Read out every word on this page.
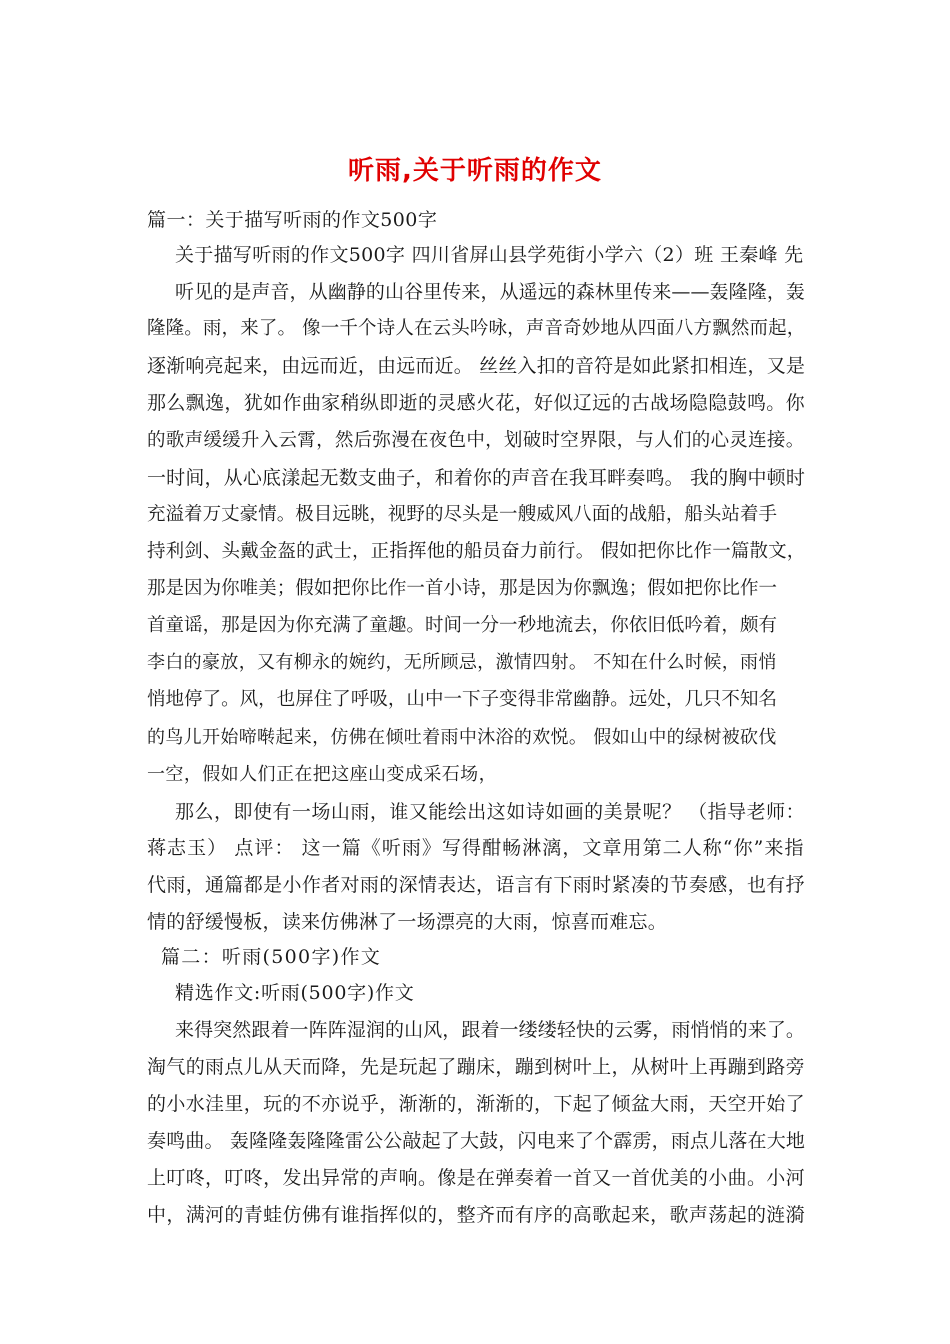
听雨,关于听雨的作文
篇一：关于描写听雨的作文500字
关于描写听雨的作文500字 四川省屏山县学苑街小学六（2）班 王秦峰 先
听见的是声音，从幽静的山谷里传来，从遥远的森林里传来——轰隆隆，轰
隆隆。雨，来了。 像一千个诗人在云头吟咏，声音奇妙地从四面八方飘然而起，
逐渐响亮起来，由远而近，由远而近。 丝丝入扣的音符是如此紧扣相连，又是
那么飘逸，犹如作曲家稍纵即逝的灵感火花，好似辽远的古战场隐隐鼓鸣。你
的歌声缓缓升入云霄，然后弥漫在夜色中，划破时空界限，与人们的心灵连接。
一时间，从心底漾起无数支曲子，和着你的声音在我耳畔奏鸣。 我的胸中顿时
充溢着万丈豪情。极目远眺，视野的尽头是一艘威风八面的战船，船头站着手
持利剑、头戴金盔的武士，正指挥他的船员奋力前行。 假如把你比作一篇散文，
那是因为你唯美；假如把你比作一首小诗，那是因为你飘逸；假如把你比作一
首童谣，那是因为你充满了童趣。时间一分一秒地流去，你依旧低吟着，颇有
李白的豪放，又有柳永的婉约，无所顾忌，激情四射。 不知在什么时候，雨悄
悄地停了。风，也屏住了呼吸，山中一下子变得非常幽静。远处，几只不知名
的鸟儿开始啼啭起来，仿佛在倾吐着雨中沐浴的欢悦。 假如山中的绿树被砍伐
一空，假如人们正在把这座山变成采石场，
那么，即使有一场山雨，谁又能绘出这如诗如画的美景呢？ （指导老师：
蒋志玉） 点评： 这一篇《听雨》写得酣畅淋漓，文章用第二人称“你”来指
代雨，通篇都是小作者对雨的深情表达，语言有下雨时紧凑的节奏感，也有抒
情的舒缓慢板，读来仿佛淋了一场漂亮的大雨，惊喜而难忘。
篇二：听雨(500字)作文
精选作文:听雨(500字)作文
来得突然跟着一阵阵湿润的山风，跟着一缕缕轻快的云雾，雨悄悄的来了。
淘气的雨点儿从天而降，先是玩起了蹦床，蹦到树叶上，从树叶上再蹦到路旁
的小水洼里，玩的不亦说乎，渐渐的，渐渐的，下起了倾盆大雨，天空开始了
奏鸣曲。 轰隆隆轰隆隆雷公公敲起了大鼓，闪电来了个霹雳，雨点儿落在大地
上叮咚，叮咚，发出异常的声响。像是在弹奏着一首又一首优美的小曲。小河
中，满河的青蛙仿佛有谁指挥似的，整齐而有序的高歌起来，歌声荡起的涟漪
